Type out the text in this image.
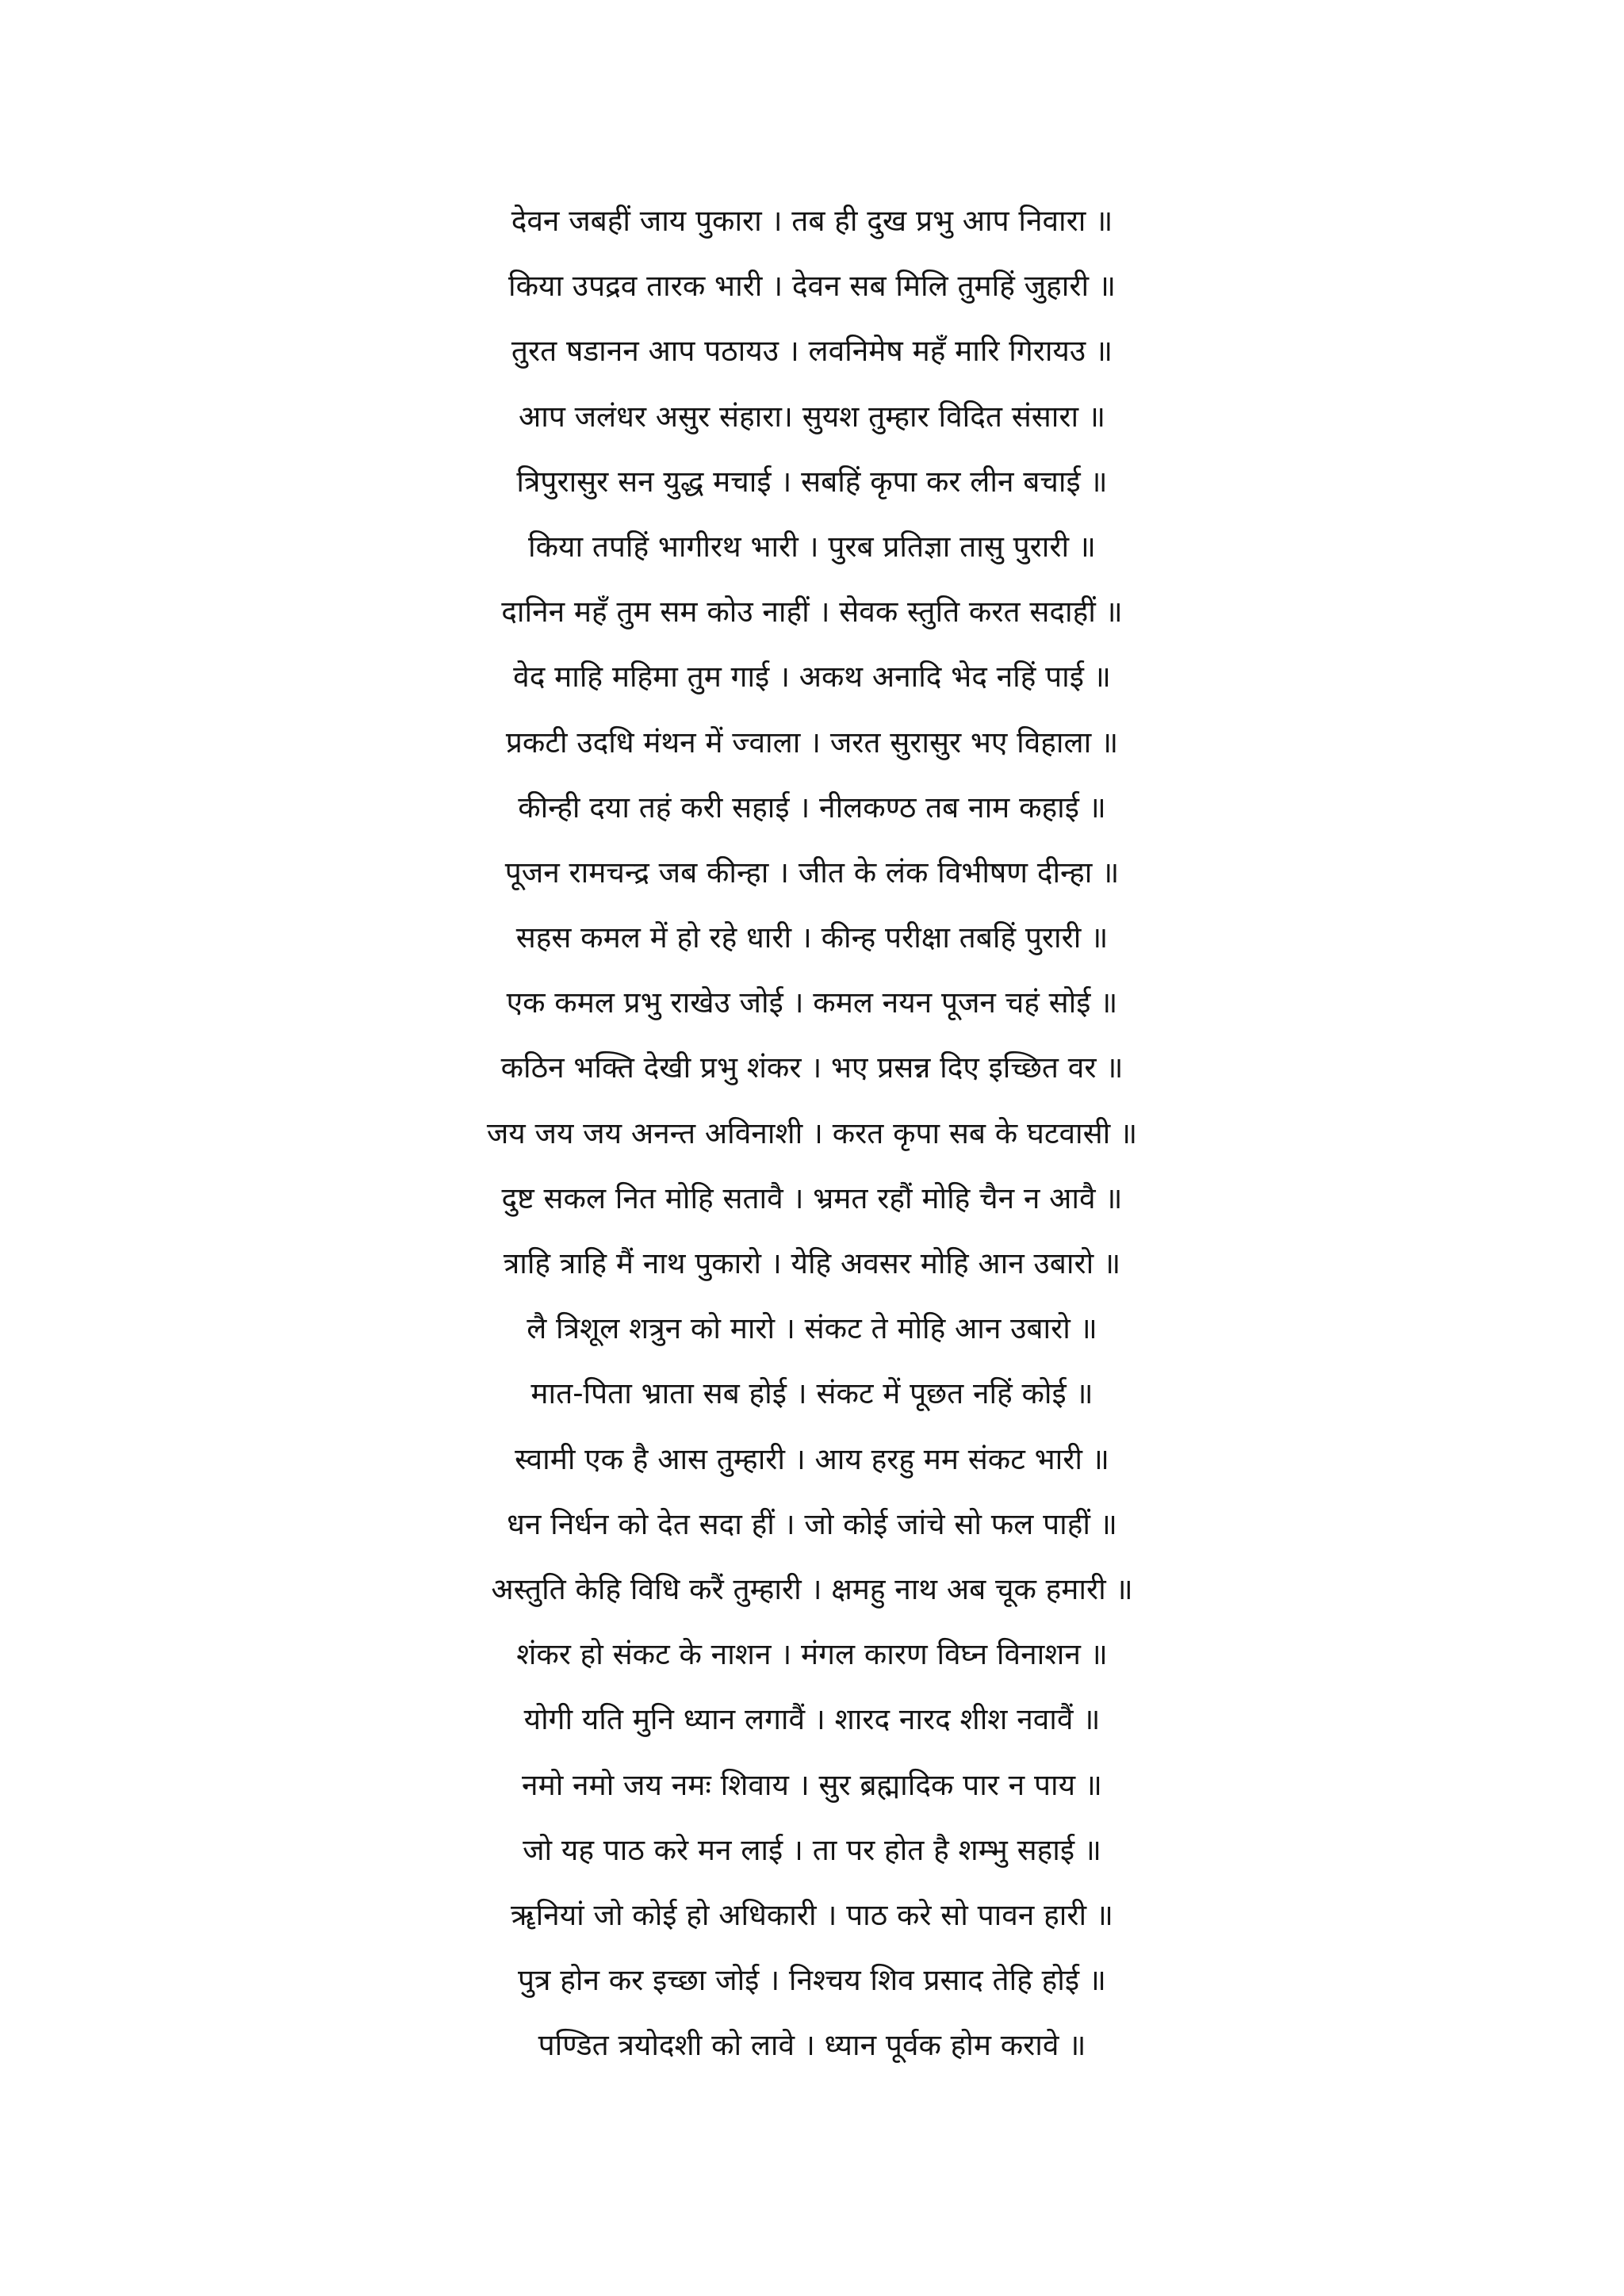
देवन जबहीं जाय पुकारा । तब ही दुख प्रभु आप निवारा ॥
किया उपद्रव तारक भारी । देवन सब मिलि तुमहिं जुहारी ॥
तुरत षडानन आप पठायउ । लवनिमेष महँ मारि गिरायउ ॥
आप जलंधर असुर संहारा। सुयश तुम्हार विदित संसारा ॥
त्रिपुरासुर सन युद्ध मचाई । सबहिं कृपा कर लीन बचाई ॥
किया तपहिं भागीरथ भारी । पुरब प्रतिज्ञा तासु पुरारी ॥
दानिन महँ तुम सम कोउ नाहीं । सेवक स्तुति करत सदाहीं ॥
वेद माहि महिमा तुम गाई । अकथ अनादि भेद नहिं पाई ॥
प्रकटी उदधि मंथन में ज्वाला । जरत सुरासुर भए विहाला ॥
कीन्ही दया तहं करी सहाई । नीलकण्ठ तब नाम कहाई ॥
पूजन रामचन्द्र जब कीन्हा । जीत के लंक विभीषण दीन्हा ॥
सहस कमल में हो रहे धारी । कीन्ह परीक्षा तबहिं पुरारी ॥
एक कमल प्रभु राखेउ जोई । कमल नयन पूजन चहं सोई ॥
कठिन भक्ति देखी प्रभु शंकर । भए प्रसन्न दिए इच्छित वर ॥
जय जय जय अनन्त अविनाशी । करत कृपा सब के घटवासी ॥
दुष्ट सकल नित मोहि सतावै । भ्रमत रहौं मोहि चैन न आवै ॥
त्राहि त्राहि मैं नाथ पुकारो । येहि अवसर मोहि आन उबारो ॥
लै त्रिशूल शत्रुन को मारो । संकट ते मोहि आन उबारो ॥
मात-पिता भ्राता सब होई । संकट में पूछत नहिं कोई ॥
स्वामी एक है आस तुम्हारी । आय हरहु मम संकट भारी ॥
धन निर्धन को देत सदा हीं । जो कोई जांचे सो फल पाहीं ॥
अस्तुति केहि विधि करैं तुम्हारी । क्षमहु नाथ अब चूक हमारी ॥
शंकर हो संकट के नाशन । मंगल कारण विघ्न विनाशन ॥
योगी यति मुनि ध्यान लगावैं । शारद नारद शीश नवावैं ॥
नमो नमो जय नमः शिवाय । सुर ब्रह्मादिक पार न पाय ॥
जो यह पाठ करे मन लाई । ता पर होत है शम्भु सहाई ॥
ॠनियां जो कोई हो अधिकारी । पाठ करे सो पावन हारी ॥
पुत्र होन कर इच्छा जोई । निश्चय शिव प्रसाद तेहि होई ॥
पण्डित त्रयोदशी को लावे । ध्यान पूर्वक होम करावे ॥
